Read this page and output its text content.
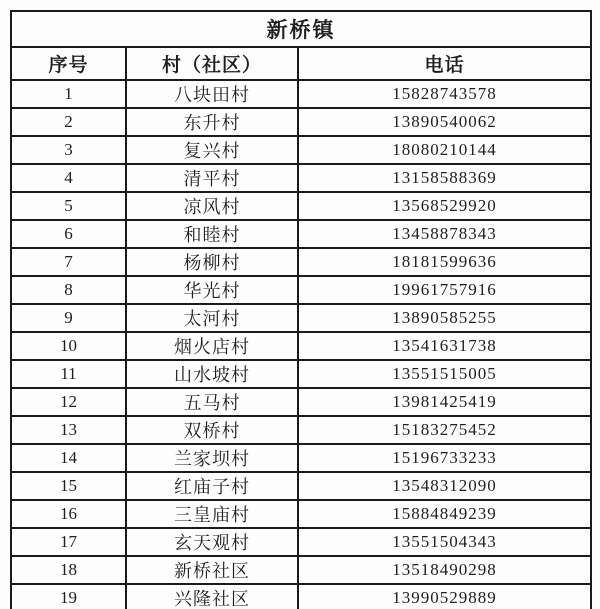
新桥镇		
序号	村（社区）	电话
1	八块田村	15828743578
2	东升村	13890540062
3	复兴村	18080210144
4	清平村	13158588369
5	凉风村	13568529920
6	和睦村	13458878343
7	杨柳村	18181599636
8	华光村	19961757916
9	太河村	13890585255
10	烟火店村	13541631738
11	山水坡村	13551515005
12	五马村	13981425419
13	双桥村	15183275452
14	兰家坝村	15196733233
15	红庙子村	13548312090
16	三皇庙村	15884849239
17	玄天观村	13551504343
18	新桥社区	13518490298
19	兴隆社区	13990529889
